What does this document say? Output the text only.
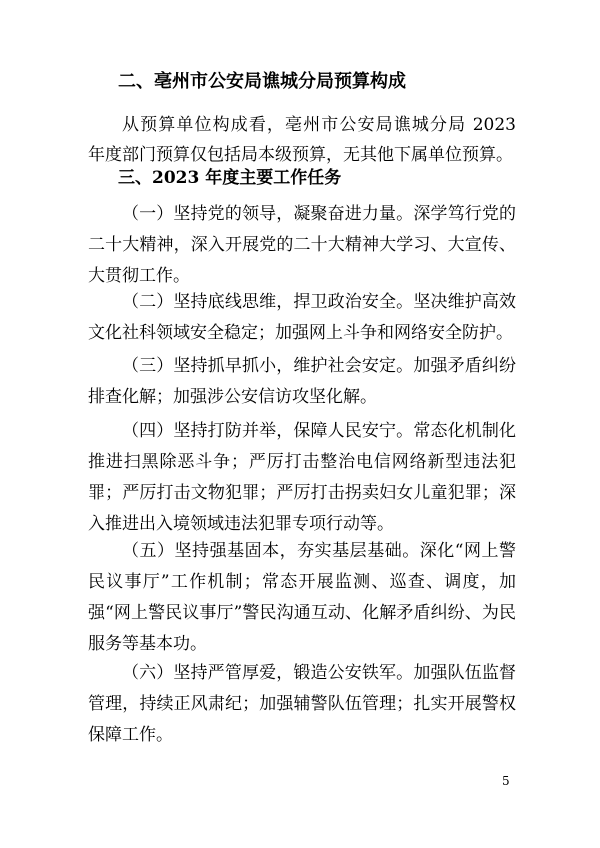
二、亳州市公安局谯城分局预算构成
从预算单位构成看，亳州市公安局谯城分局 2023 年度部门预算仅包括局本级预算，无其他下属单位预算。
三、2023 年度主要工作任务
（一）坚持党的领导，凝聚奋进力量。深学笃行党的二十大精神，深入开展党的二十大精神大学习、大宣传、大贯彻工作。
（二）坚持底线思维，捍卫政治安全。坚决维护高效文化社科领域安全稳定；加强网上斗争和网络安全防护。
（三）坚持抓早抓小，维护社会安定。加强矛盾纠纷排查化解；加强涉公安信访攻坚化解。
（四）坚持打防并举，保障人民安宁。常态化机制化推进扫黑除恶斗争；严厉打击整治电信网络新型违法犯罪；严厉打击文物犯罪；严厉打击拐卖妇女儿童犯罪；深入推进出入境领域违法犯罪专项行动等。
（五）坚持强基固本，夯实基层基础。深化“网上警民议事厅”工作机制；常态开展监测、巡查、调度，加强“网上警民议事厅”警民沟通互动、化解矛盾纠纷、为民服务等基本功。
（六）坚持严管厚爱，锻造公安铁军。加强队伍监督管理，持续正风肃纪；加强辅警队伍管理；扎实开展警权保障工作。
5
